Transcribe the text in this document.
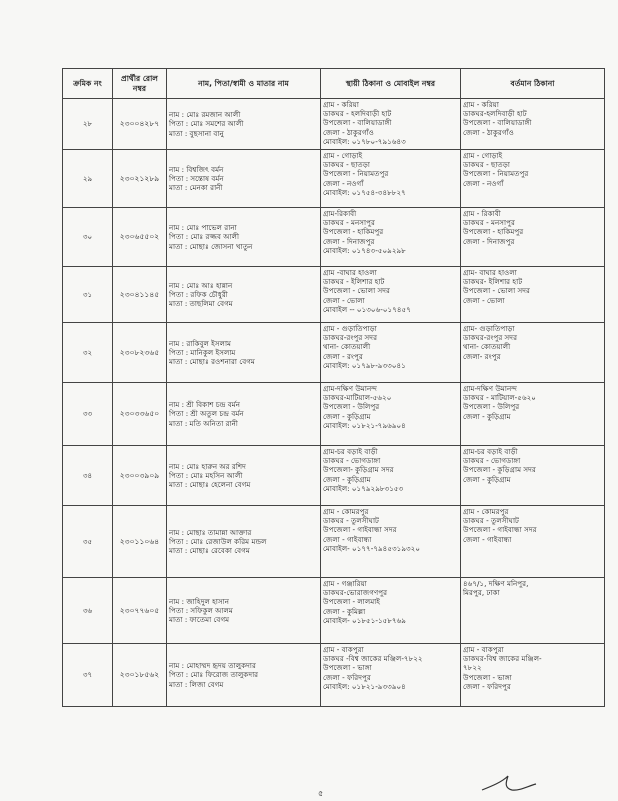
ক্রমিক নং	প্রার্থীর রোল নম্বর	নাম, পিতা/স্বামী ও মাতার নাম	স্থায়ী ঠিকানা ও মোবাইল নম্বর	বর্তমান ঠিকানা
২৮	২৩০০৪২৮৭	নাম : মোঃ রমজান আলী
পিতা : মোঃ সমশের আলী
মাতা : বুছসানা বানু	গ্রাম - করিয়া
ডাকঘর - হলদিবাড়ী হাট
উপজেলা - বালিয়াডাঙ্গী
জেলা - ঠাকুরগাঁও
মোবাইল: ০১৭৮০-৭৯১৬৪৩	গ্রাম - করিয়া
ডাকঘর-হলদিবাড়ী হাট
উপজেলা - বালিয়াডাঙ্গী
জেলা - ঠাকুরগাঁও

২৯	২৩০২১২৮৯	নাম : বিশ্বজিৎ বর্মন
পিতা : সন্তোষ বর্মন
মাতা : মেনকা রানী	গ্রাম - গোড়াই
ডাকঘর - ছাতড়া
উপজেলা - নিয়ামতপুর
জেলা - নওগাঁ
মোবাইল: ০১৭৫৪-৩৪৮৮২৭	গ্রাম - গোড়াই
ডাকঘর - ছাতড়া
উপজেলা - নিয়ামতপুর
জেলা - নওগাঁ

৩০	২৩০৬৫৫০২	নাম : মোঃ পাভেল রানা
পিতা : মোঃ রজ্জব আলী
মাতা : মোছাঃ জোসনা খাতুন	গ্রাম-রিকাবী
ডাকঘর - মনসাপুর
উপজেলা - হাকিমপুর
জেলা - দিনাজপুর
মোবাইল: ০১৭৪৩-৫০৯২৯৮	গ্রাম - রিকাবী
ডাকঘর - মনসাপুর
উপজেলা - হাকিমপুর
জেলা - দিনাজপুর

৩১	২৩০৪১১৪৫	নাম : মোঃ আঃ হান্নান
পিতা : রফিক চৌধুরী
মাতা : তাছলিমা বেগম	গ্রাম -বাঘার হাওলা
ডাকঘর - ইলিশার হাট
উপজেলা - ভোলা সদর
জেলা - ভোলা
মোবাইল -- ০১৩০৬-০১৭৪৫৭	গ্রাম- বাঘার হাওলা
ডাকঘর- ইলিশার হাট
উপজেলা - ভোলা সদর
জেলা - ভোলা

৩২	২৩০৮২৩৬৫	নাম : রাকিবুল ইসলাম
পিতা : মানিকুল ইসলাম
মাতা : মোছাঃ রওশনারা বেগম	গ্রাম - গুড়াতিপাড়া
ডাকঘর-রংপুর সদর
থানা- কোতয়ালী
জেলা - রংপুর
মোবাইল: ০১৭৯৮-৯৩৩০৪১	গ্রাম- গুড়াতিপাড়া
ডাকঘর-রংপুর সদর
থানা- কোতয়ালী
জেলা- রংপুর

৩৩	২৩০৩৩৬৫০	নাম : শ্রী বিকাশ চন্দ্র বর্মন
পিতা : শ্রী অতুল চন্দ্র বর্মন
মাতা : মতি অনিতা রানী	গ্রাম-দক্ষিণ উমানন্দ
ডাকঘর-মাটিয়াল-৫৬২০
উপজেলা - উলিপুর
জেলা - কুড়িগ্রাম
মোবাইল: ০১৮২১-৭৯৬৯০৪	গ্রাম-দক্ষিণ উমানন্দ
ডাকঘর - মাটিয়াল-৫৬২০
উপজেলা - উলিপুর
জেলা - কুড়িগ্রাম

৩৪	২৩০০৩৯০৯	নাম : মোঃ হারুন অর রশিদ
পিতা : মোঃ মহসিন আলী
মাতা : মোছাঃ হেলেনা বেগম	গ্রাম-চর বড়াই বাড়ী
ডাকঘর - ভোগডাঙ্গা
উপজেলা- কুড়িগ্রাম সদর
জেলা - কুড়িগ্রাম
মোবাইল: ০১৭৯২৯৮৩১৫৩	গ্রাম-চর বড়াই বাড়ী
ডাকঘর - ভোগডাঙ্গা
উপজেলা - কুড়িগ্রাম সদর
জেলা - কুড়িগ্রাম

৩৫	২৩০১১০৬৪	নাম : মোছাঃ তামান্না আক্তার
পিতা : মোঃ রেজাউল করিম মন্ডল
মাতা : মোছাঃ রেবেকা বেগম	গ্রাম - কোমরপুর
ডাকঘর - তুলসীঘাট
উপজেলা - গাইবান্ধা সদর
জেলা - গাইবান্ধা
মোবাইল- ০১৭৭-৭৯৪৫৩১৯৩২০	গ্রাম - কোমরপুর
ডাকঘর - তুলসীঘাট
উপজেলা - গাইবান্ধা সদর
জেলা - গাইবান্ধা

৩৬	২৩০৭৭৬০৫	নাম : জাহিদুল হাসান
পিতা : সফিকুল আলম
মাতা : ফাতেমা বেগম	গ্রাম - গঞ্জারিয়া
ডাকঘর-ভোরাজগণপুর
উপজেলা - লালমাই
জেলা - কুমিল্লা
মোবাইল- ০১৮৫১-১৫৮৭৬৯	৪৬৭/১, দক্ষিণ মনিপুর,
মিরপুর, ঢাকা

৩৭	২৩০১৮৫৬২	নাম : মোহাম্মদ হৃদয় তালুকদার
পিতা : মোঃ ফিরোজ তালুকদার
মাতা : লিজা বেগম	গ্রাম - বাকপুরা
ডাকঘর -বিশ্ব জাকের মঞ্জিল-৭৮২২
উপজেলা - ভাঙ্গা
জেলা - ফরিদপুর
মোবাইল: ০১৮২১-৯৩৩৯০৪	গ্রাম - বাকপুরা
ডাকঘর-বিশ্ব জাকের মঞ্জিল-
৭৮২২
উপজেলা - ভাঙ্গা
জেলা - ফরিদপুর
৫
